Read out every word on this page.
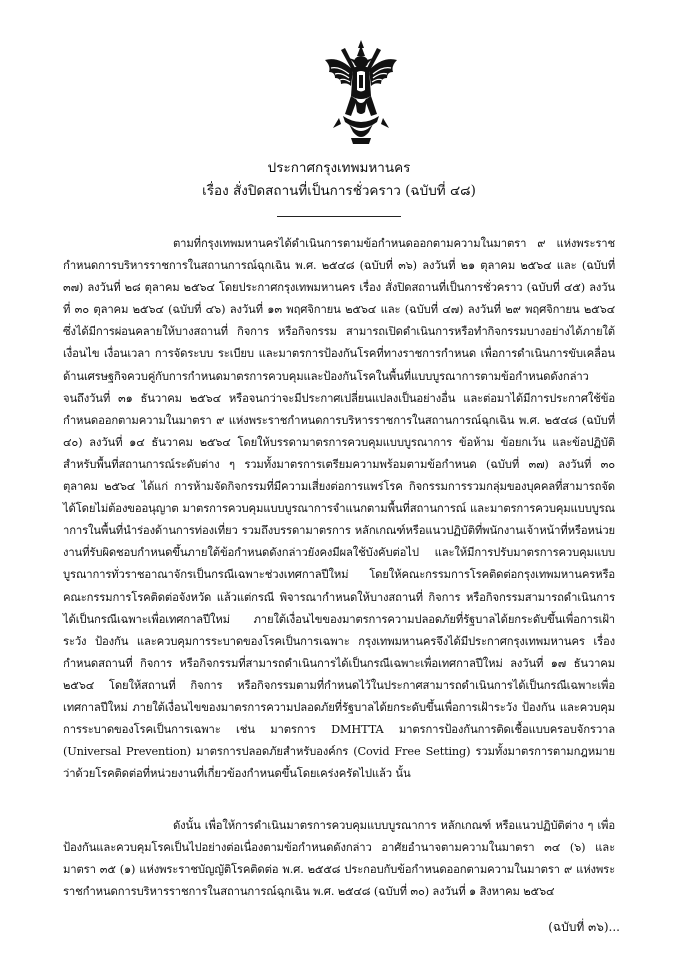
ประกาศกรุงเทพมหานคร
เรื่อง สั่งปิดสถานที่เป็นการชั่วคราว (ฉบับที่ ๔๘)

ตามที่กรุงเทพมหานครได้ดำเนินการตามข้อกำหนดออกตามความในมาตรา ๙ แห่งพระราชกำหนดการบริหารราชการในสถานการณ์ฉุกเฉิน พ.ศ. ๒๕๔๘ (ฉบับที่ ๓๖) ลงวันที่ ๒๑ ตุลาคม ๒๕๖๔ และ (ฉบับที่ ๓๗) ลงวันที่ ๒๘ ตุลาคม ๒๕๖๔ โดยประกาศกรุงเทพมหานคร เรื่อง สั่งปิดสถานที่เป็นการชั่วคราว (ฉบับที่ ๔๕) ลงวันที่ ๓๐ ตุลาคม ๒๕๖๔ (ฉบับที่ ๔๖) ลงวันที่ ๑๓ พฤศจิกายน ๒๕๖๔ และ (ฉบับที่ ๔๗) ลงวันที่ ๒๙ พฤศจิกายน ๒๕๖๔ ซึ่งได้มีการผ่อนคลายให้บางสถานที่ กิจการ หรือกิจกรรม สามารถเปิดดำเนินการหรือทำกิจกรรมบางอย่างได้ภายใต้เงื่อนไข เงื่อนเวลา การจัดระบบ ระเบียบ และมาตรการป้องกันโรคที่ทางราชการกำหนด เพื่อการดำเนินการขับเคลื่อนด้านเศรษฐกิจควบคู่กับการกำหนดมาตรการควบคุมและป้องกันโรคในพื้นที่แบบบูรณาการตามข้อกำหนดดังกล่าว จนถึงวันที่ ๓๑ ธันวาคม ๒๕๖๔ หรือจนกว่าจะมีประกาศเปลี่ยนแปลงเป็นอย่างอื่น และต่อมาได้มีการประกาศใช้ข้อกำหนดออกตามความในมาตรา ๙ แห่งพระราชกำหนดการบริหารราชการในสถานการณ์ฉุกเฉิน พ.ศ. ๒๕๔๘ (ฉบับที่ ๔๐) ลงวันที่ ๑๔ ธันวาคม ๒๕๖๔ โดยให้บรรดามาตรการควบคุมแบบบูรณาการ ข้อห้าม ข้อยกเว้น และข้อปฏิบัติสำหรับพื้นที่สถานการณ์ระดับต่าง ๆ รวมทั้งมาตรการเตรียมความพร้อมตามข้อกำหนด (ฉบับที่ ๓๗) ลงวันที่ ๓๐ ตุลาคม ๒๕๖๔ ได้แก่ การห้ามจัดกิจกรรมที่มีความเสี่ยงต่อการแพร่โรค กิจกรรมการรวมกลุ่มของบุคคลที่สามารถจัดได้โดยไม่ต้องขออนุญาต มาตรการควบคุมแบบบูรณาการจำแนกตามพื้นที่สถานการณ์ และมาตรการควบคุมแบบบูรณาการในพื้นที่นำร่องด้านการท่องเที่ยว รวมถึงบรรดามาตรการ หลักเกณฑ์หรือแนวปฏิบัติที่พนักงานเจ้าหน้าที่หรือหน่วยงานที่รับผิดชอบกำหนดขึ้นภายใต้ข้อกำหนดดังกล่าวยังคงมีผลใช้บังคับต่อไป และให้มีการปรับมาตรการควบคุมแบบบูรณาการทั่วราชอาณาจักรเป็นกรณีเฉพาะช่วงเทศกาลปีใหม่ โดยให้คณะกรรมการโรคติดต่อกรุงเทพมหานครหรือคณะกรรมการโรคติดต่อจังหวัด แล้วแต่กรณี พิจารณากำหนดให้บางสถานที่ กิจการ หรือกิจกรรมสามารถดำเนินการได้เป็นกรณีเฉพาะเพื่อเทศกาลปีใหม่ ภายใต้เงื่อนไขของมาตรการความปลอดภัยที่รัฐบาลได้ยกระดับขึ้นเพื่อการเฝ้าระวัง ป้องกัน และควบคุมการระบาดของโรคเป็นการเฉพาะ กรุงเทพมหานครจึงได้มีประกาศกรุงเทพมหานคร เรื่อง กำหนดสถานที่ กิจการ หรือกิจกรรมที่สามารถดำเนินการได้เป็นกรณีเฉพาะเพื่อเทศกาลปีใหม่ ลงวันที่ ๑๗ ธันวาคม ๒๕๖๔ โดยให้สถานที่ กิจการ หรือกิจกรรมตามที่กำหนดไว้ในประกาศสามารถดำเนินการได้เป็นกรณีเฉพาะเพื่อเทศกาลปีใหม่ ภายใต้เงื่อนไขของมาตรการความปลอดภัยที่รัฐบาลได้ยกระดับขึ้นเพื่อการเฝ้าระวัง ป้องกัน และควบคุมการระบาดของโรคเป็นการเฉพาะ เช่น มาตรการ DMHTTA มาตรการป้องกันการติดเชื้อแบบครอบจักรวาล (Universal Prevention) มาตรการปลอดภัยสำหรับองค์กร (Covid Free Setting) รวมทั้งมาตรการตามกฎหมายว่าด้วยโรคติดต่อที่หน่วยงานที่เกี่ยวข้องกำหนดขึ้นโดยเคร่งครัดไปแล้ว นั้น

ดังนั้น เพื่อให้การดำเนินมาตรการควบคุมแบบบูรณาการ หลักเกณฑ์ หรือแนวปฏิบัติต่าง ๆ เพื่อป้องกันและควบคุมโรคเป็นไปอย่างต่อเนื่องตามข้อกำหนดดังกล่าว อาศัยอำนาจตามความในมาตรา ๓๔ (๖) และมาตรา ๓๕ (๑) แห่งพระราชบัญญัติโรคติดต่อ พ.ศ. ๒๕๕๘ ประกอบกับข้อกำหนดออกตามความในมาตรา ๙ แห่งพระราชกำหนดการบริหารราชการในสถานการณ์ฉุกเฉิน พ.ศ. ๒๕๔๘ (ฉบับที่ ๓๐) ลงวันที่ ๑ สิงหาคม ๒๕๖๔

(ฉบับที่ ๓๖)...
